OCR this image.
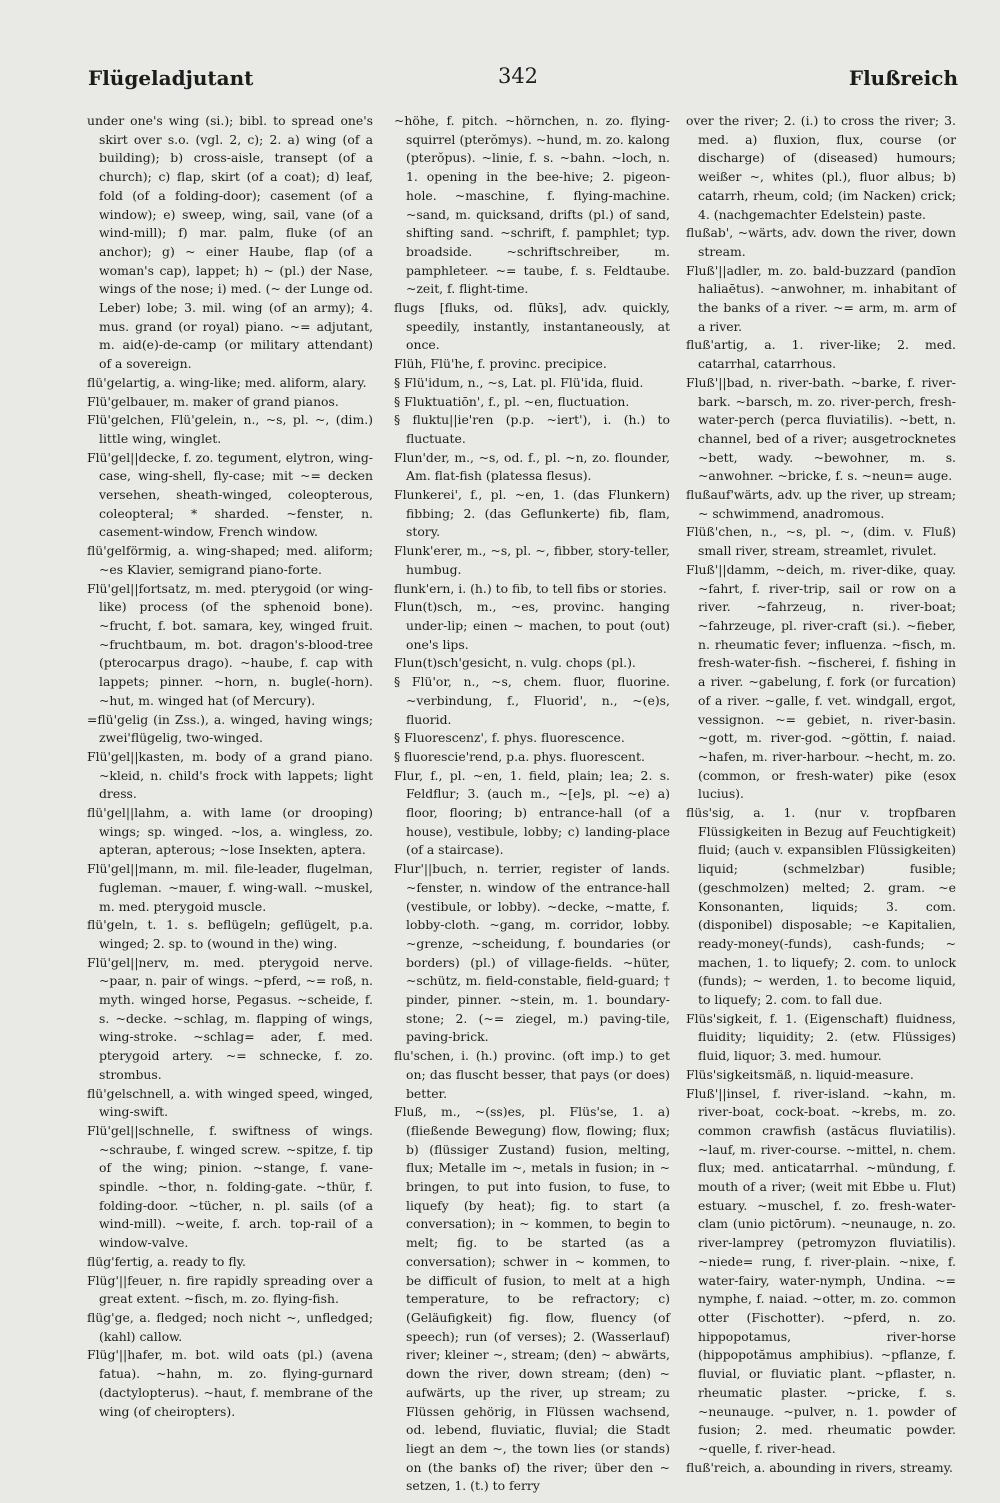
Flügeladjutant	342	Flußreich

under one's wing (si.); bibl. to spread one's skirt over s.o. (vgl. 2, c); 2. a) wing (of a building); b) cross-aisle, transept (of a church); c) flap, skirt (of a coat); d) leaf, fold (of a folding-door); casement (of a window); e) sweep, wing, sail, vane (of a wind-mill); f) mar. palm, fluke (of an anchor); g) ~ einer Haube, flap (of a woman's cap), lappet; h) ~ (pl.) der Nase, wings of the nose; i) med. (~ der Lunge od. Leber) lobe; 3. mil. wing (of an army); 4. mus. grand (or royal) piano. ~= adjutant, m. aid(e)-de-camp (or military attendant) of a sovereign.

flü'gelartig, a. wing-like; med. aliform, alary.

Flü'gelbauer, m. maker of grand pianos.

Flü'gelchen, Flü'gelein, n., ~s, pl. ~, (dim.) little wing, winglet.

Flü'gel||decke, f. zo. tegument, elytron, wing-case, wing-shell, fly-case; mit ~= decken versehen, sheath-winged, coleopterous, coleopteral; * sharded. ~fenster, n. casement-window, French window.

flü'gelförmig, a. wing-shaped; med. aliform; ~es Klavier, semigrand piano-forte.

Flü'gel||fortsatz, m. med. pterygoid (or wing-like) process (of the sphenoid bone). ~frucht, f. bot. samara, key, winged fruit. ~fruchtbaum, m. bot. dragon's-blood-tree (pterocarpus drago). ~haube, f. cap with lappets; pinner. ~horn, n. bugle(-horn). ~hut, m. winged hat (of Mercury).

=flü'gelig (in Zss.), a. winged, having wings; zwei'flügelig, two-winged.

Flü'gel||kasten, m. body of a grand piano. ~kleid, n. child's frock with lappets; light dress.

flü'gel||lahm, a. with lame (or drooping) wings; sp. winged. ~los, a. wingless, zo. apteran, apterous; ~lose Insekten, aptera.

Flü'gel||mann, m. mil. file-leader, flugelman, fugleman. ~mauer, f. wing-wall. ~muskel, m. med. pterygoid muscle.

flü'geln, t. 1. s. beflügeln; geflügelt, p.a. winged; 2. sp. to (wound in the) wing.

Flü'gel||nerv, m. med. pterygoid nerve. ~paar, n. pair of wings. ~pferd, ~= roß, n. myth. winged horse, Pegasus. ~scheide, f. s. ~decke. ~schlag, m. flapping of wings, wing-stroke. ~schlag= ader, f. med. pterygoid artery. ~= schnecke, f. zo. strombus.

flü'gelschnell, a. with winged speed, winged, wing-swift.

Flü'gel||schnelle, f. swiftness of wings. ~schraube, f. winged screw. ~spitze, f. tip of the wing; pinion. ~stange, f. vane-spindle. ~thor, n. folding-gate. ~thür, f. folding-door. ~tücher, n. pl. sails (of a wind-mill). ~weite, f. arch. top-rail of a window-valve.

flüg'fertig, a. ready to fly.

Flüg'||feuer, n. fire rapidly spreading over a great extent. ~fisch, m. zo. flying-fish.

flüg'ge, a. fledged; noch nicht ~, unfledged; (kahl) callow.

Flüg'||hafer, m. bot. wild oats (pl.) (avena fatua). ~hahn, m. zo. flying-gurnard (dactylopterus). ~haut, f. membrane of the wing (of cheiropters).

~höhe, f. pitch. ~hörnchen, n. zo. flying-squirrel (pterŏmys). ~hund, m. zo. kalong (pterŏpus). ~linie, f. s. ~bahn. ~loch, n. 1. opening in the bee-hive; 2. pigeon-hole. ~maschine, f. flying-machine. ~sand, m. quicksand, drifts (pl.) of sand, shifting sand. ~schrift, f. pamphlet; typ. broadside. ~schriftschreiber, m. pamphleteer. ~= taube, f. s. Feldtaube. ~zeit, f. flight-time.

flugs [fluks, od. flūks], adv. quickly, speedily, instantly, instantaneously, at once.

Flüh, Flü'he, f. provinc. precipice.

§ Flü'idum, n., ~s, Lat. pl. Flü'ida, fluid.

§ Fluktuatiōn', f., pl. ~en, fluctuation.

§ fluktu||ie'ren (p.p. ~iert'), i. (h.) to fluctuate.

Flun'der, m., ~s, od. f., pl. ~n, zo. flounder, Am. flat-fish (platessa flesus).

Flunkerei', f., pl. ~en, 1. (das Flunkern) fibbing; 2. (das Geflunkerte) fib, flam, story.

Flunk'erer, m., ~s, pl. ~, fibber, story-teller, humbug.

flunk'ern, i. (h.) to fib, to tell fibs or stories.

Flun(t)sch, m., ~es, provinc. hanging under-lip; einen ~ machen, to pout (out) one's lips.

Flun(t)sch'gesicht, n. vulg. chops (pl.).

§ Flü'or, n., ~s, chem. fluor, fluorine. ~verbindung, f., Fluorid', n., ~(e)s, fluorid.

§ Fluorescenz', f. phys. fluorescence.

§ fluorescie'rend, p.a. phys. fluorescent.

Flur, f., pl. ~en, 1. field, plain; lea; 2. s. Feldflur; 3. (auch m., ~[e]s, pl. ~e) a) floor, flooring; b) entrance-hall (of a house), vestibule, lobby; c) landing-place (of a staircase).

Flur'||buch, n. terrier, register of lands. ~fenster, n. window of the entrance-hall (vestibule, or lobby). ~decke, ~matte, f. lobby-cloth. ~gang, m. corridor, lobby. ~grenze, ~scheidung, f. boundaries (or borders) (pl.) of village-fields. ~hüter, ~schütz, m. field-constable, field-guard; † pinder, pinner. ~stein, m. 1. boundary-stone; 2. (~= ziegel, m.) paving-tile, paving-brick.

flu'schen, i. (h.) provinc. (oft imp.) to get on; das fluscht besser, that pays (or does) better.

Fluß, m., ~(ss)es, pl. Flüs'se, 1. a) (fließende Bewegung) flow, flowing; flux; b) (flüssiger Zustand) fusion, melting, flux; Metalle im ~, metals in fusion; in ~ bringen, to put into fusion, to fuse, to liquefy (by heat); fig. to start (a conversation); in ~ kommen, to begin to melt; fig. to be started (as a conversation); schwer in ~ kommen, to be difficult of fusion, to melt at a high temperature, to be refractory; c) (Geläufigkeit) fig. flow, fluency (of speech); run (of verses); 2. (Wasserlauf) river; kleiner ~, stream; (den) ~ abwärts, down the river, down stream; (den) ~ aufwärts, up the river, up stream; zu Flüssen gehörig, in Flüssen wachsend, od. lebend, fluviatic, fluvial; die Stadt liegt an dem ~, the town lies (or stands) on (the banks of) the river; über den ~ setzen, 1. (t.) to ferry

over the river; 2. (i.) to cross the river; 3. med. a) fluxion, flux, course (or discharge) of (diseased) humours; weißer ~, whites (pl.), fluor albus; b) catarrh, rheum, cold; (im Nacken) crick; 4. (nachgemachter Edelstein) paste.

flußab', ~wärts, adv. down the river, down stream.

Fluß'||adler, m. zo. bald-buzzard (pandīon haliaētus). ~anwohner, m. inhabitant of the banks of a river. ~= arm, m. arm of a river.

fluß'artig, a. 1. river-like; 2. med. catarrhal, catarrhous.

Fluß'||bad, n. river-bath. ~barke, f. river-bark. ~barsch, m. zo. river-perch, fresh-water-perch (perca fluviatilis). ~bett, n. channel, bed of a river; ausgetrocknetes ~bett, wady. ~bewohner, m. s. ~anwohner. ~bricke, f. s. ~neun= auge.

flußauf'wärts, adv. up the river, up stream; ~ schwimmend, anadromous.

Flüß'chen, n., ~s, pl. ~, (dim. v. Fluß) small river, stream, streamlet, rivulet.

Fluß'||damm, ~deich, m. river-dike, quay. ~fahrt, f. river-trip, sail or row on a river. ~fahrzeug, n. river-boat; ~fahrzeuge, pl. river-craft (si.). ~fieber, n. rheumatic fever; influenza. ~fisch, m. fresh-water-fish. ~fischerei, f. fishing in a river. ~gabelung, f. fork (or furcation) of a river. ~galle, f. vet. windgall, ergot, vessignon. ~= gebiet, n. river-basin. ~gott, m. river-god. ~göttin, f. naiad. ~hafen, m. river-harbour. ~hecht, m. zo. (common, or fresh-water) pike (esox lucius).

flüs'sig, a. 1. (nur v. tropfbaren Flüssigkeiten in Bezug auf Feuchtigkeit) fluid; (auch v. expansiblen Flüssigkeiten) liquid; (schmelzbar) fusible; (geschmolzen) melted; 2. gram. ~e Konsonanten, liquids; 3. com. (disponibel) disposable; ~e Kapitalien, ready-money(-funds), cash-funds; ~ machen, 1. to liquefy; 2. com. to unlock (funds); ~ werden, 1. to become liquid, to liquefy; 2. com. to fall due.

Flüs'sigkeit, f. 1. (Eigenschaft) fluidness, fluidity; liquidity; 2. (etw. Flüssiges) fluid, liquor; 3. med. humour.

Flüs'sigkeitsmäß, n. liquid-measure.

Fluß'||insel, f. river-island. ~kahn, m. river-boat, cock-boat. ~krebs, m. zo. common crawfish (astăcus fluviatilis). ~lauf, m. river-course. ~mittel, n. chem. flux; med. anticatarrhal. ~mündung, f. mouth of a river; (weit mit Ebbe u. Flut) estuary. ~muschel, f. zo. fresh-water-clam (unio pictōrum). ~neunauge, n. zo. river-lamprey (petromyzon fluviatilis). ~niede= rung, f. river-plain. ~nixe, f. water-fairy, water-nymph, Undina. ~= nymphe, f. naiad. ~otter, m. zo. common otter (Fischotter). ~pferd, n. zo. hippopotamus, river-horse (hippopotămus amphibius). ~pflanze, f. fluvial, or fluviatic plant. ~pflaster, n. rheumatic plaster. ~pricke, f. s. ~neunauge. ~pulver, n. 1. powder of fusion; 2. med. rheumatic powder. ~quelle, f. river-head.

fluß'reich, a. abounding in rivers, streamy.
